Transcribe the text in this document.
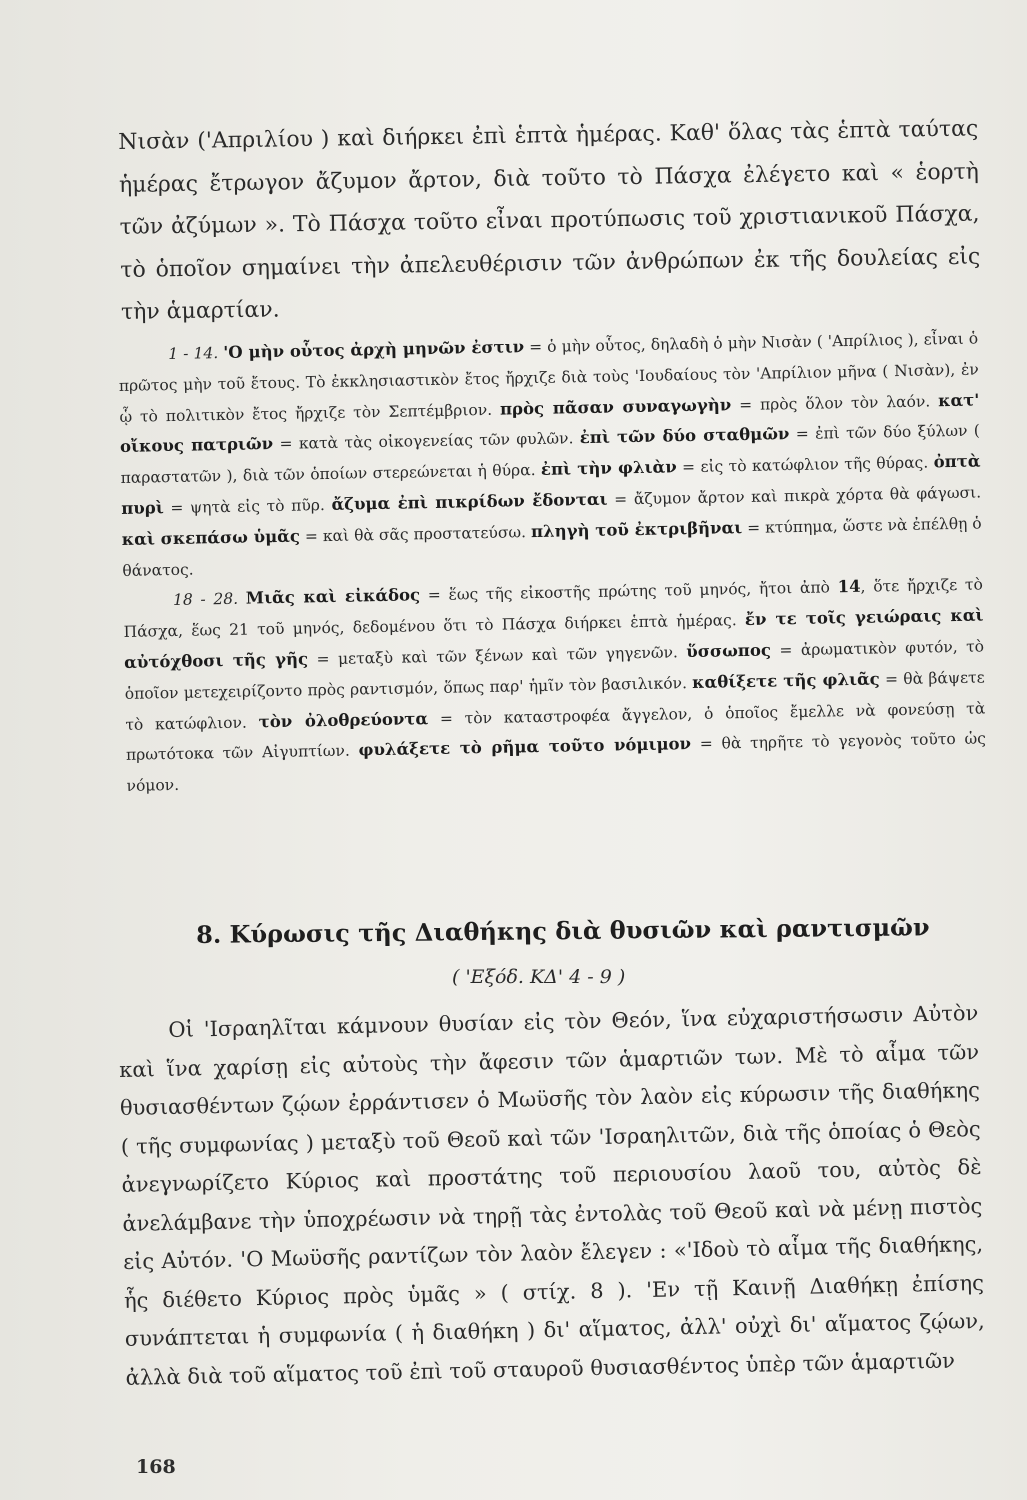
Νισὰν ('Απριλίου ) καὶ διήρκει ἐπὶ ἑπτὰ ἡμέρας. Καθ' ὅλας τὰς ἑπτὰ ταύτας ἡμέρας ἔτρωγον ἄζυμον ἄρτον, διὰ τοῦτο τὸ Πάσχα ἐλέγετο καὶ « ἑορτὴ τῶν ἀζύμων ». Τὸ Πάσχα τοῦτο εἶναι προτύπωσις τοῦ χριστιανικοῦ Πάσχα, τὸ ὁποῖον σημαίνει τὴν ἀπελευθέρισιν τῶν ἀνθρώπων ἐκ τῆς δουλείας εἰς τὴν ἁμαρτίαν.

1 - 14. 'Ο μὴν οὗτος ἀρχὴ μηνῶν ἐστιν = ὁ μὴν οὗτος, δηλαδὴ ὁ μὴν Νισὰν ( 'Απρίλιος ), εἶναι ὁ πρῶτος μὴν τοῦ ἔτους. Τὸ ἐκκλησιαστικὸν ἔτος ἤρχιζε διὰ τοὺς 'Ιουδαίους τὸν 'Απρίλιον μῆνα ( Νισὰν), ἐν ᾧ τὸ πολιτικὸν ἔτος ἤρχιζε τὸν Σεπτέμβριον. πρὸς πᾶσαν συναγωγὴν = πρὸς ὅλον τὸν λαόν. κατ' οἴκους πατριῶν = κατὰ τὰς οἰκογενείας τῶν φυλῶν. ἐπὶ τῶν δύο σταθμῶν = ἐπὶ τῶν δύο ξύλων ( παραστατῶν ), διὰ τῶν ὁποίων στερεώνεται ἡ θύρα. ἐπὶ τὴν φλιὰν = εἰς τὸ κατώφλιον τῆς θύρας. ὀπτὰ πυρὶ = ψητὰ εἰς τὸ πῦρ. ἄζυμα ἐπὶ πικρίδων ἔδονται = ἄζυμον ἄρτον καὶ πικρὰ χόρτα θὰ φάγωσι. καὶ σκεπάσω ὑμᾶς = καὶ θὰ σᾶς προστατεύσω. πληγὴ τοῦ ἐκτριβῆναι = κτύπημα, ὥστε νὰ ἐπέλθῃ ὁ θάνατος.

18 - 28. Μιᾶς καὶ εἰκάδος = ἕως τῆς εἰκοστῆς πρώτης τοῦ μηνός, ἤτοι ἀπὸ 14, ὅτε ἤρχιζε τὸ Πάσχα, ἕως 21 τοῦ μηνός, δεδομένου ὅτι τὸ Πάσχα διήρκει ἑπτὰ ἡμέρας. ἔν τε τοῖς γειώραις καὶ αὐτόχθοσι τῆς γῆς = μεταξὺ καὶ τῶν ξένων καὶ τῶν γηγενῶν. ὕσσωπος = ἀρωματικὸν φυτόν, τὸ ὁποῖον μετεχειρίζοντο πρὸς ραντισμόν, ὅπως παρ' ἡμῖν τὸν βασιλικόν. καθίξετε τῆς φλιᾶς = θὰ βάψετε τὸ κατώφλιον. τὸν ὀλοθρεύοντα = τὸν καταστροφέα ἄγγελον, ὁ ὁποῖος ἔμελλε νὰ φονεύσῃ τὰ πρωτότοκα τῶν Αἰγυπτίων. φυλάξετε τὸ ρῆμα τοῦτο νόμιμον = θὰ τηρῆτε τὸ γεγονὸς τοῦτο ὡς νόμον.

8. Κύρωσις τῆς Διαθήκης διὰ θυσιῶν καὶ ραντισμῶν
( 'Εξόδ. ΚΔ' 4 - 9 )

Οἱ 'Ισραηλῖται κάμνουν θυσίαν εἰς τὸν Θεόν, ἵνα εὐχαριστήσωσιν Αὐτὸν καὶ ἵνα χαρίσῃ εἰς αὐτοὺς τὴν ἄφεσιν τῶν ἁμαρτιῶν των. Μὲ τὸ αἷμα τῶν θυσιασθέντων ζῴων ἐρράντισεν ὁ Μωϋσῆς τὸν λαὸν εἰς κύρωσιν τῆς διαθήκης ( τῆς συμφωνίας ) μεταξὺ τοῦ Θεοῦ καὶ τῶν 'Ισραηλιτῶν, διὰ τῆς ὁποίας ὁ Θεὸς ἀνεγνωρίζετο Κύριος καὶ προστάτης τοῦ περιουσίου λαοῦ του, αὐτὸς δὲ ἀνελάμβανε τὴν ὑποχρέωσιν νὰ τηρῇ τὰς ἐντολὰς τοῦ Θεοῦ καὶ νὰ μένῃ πιστὸς εἰς Αὐτόν. 'Ο Μωϋσῆς ραντίζων τὸν λαὸν ἔλεγεν : «'Ιδοὺ τὸ αἷμα τῆς διαθήκης, ἧς διέθετο Κύριος πρὸς ὑμᾶς » ( στίχ. 8 ). 'Εν τῇ Καινῇ Διαθήκῃ ἐπίσης συνάπτεται ἡ συμφωνία ( ἡ διαθήκη ) δι' αἵματος, ἀλλ' οὐχὶ δι' αἵματος ζῴων, ἀλλὰ διὰ τοῦ αἵματος τοῦ ἐπὶ τοῦ σταυροῦ θυσιασθέντος ὑπὲρ τῶν ἁμαρτιῶν

168
